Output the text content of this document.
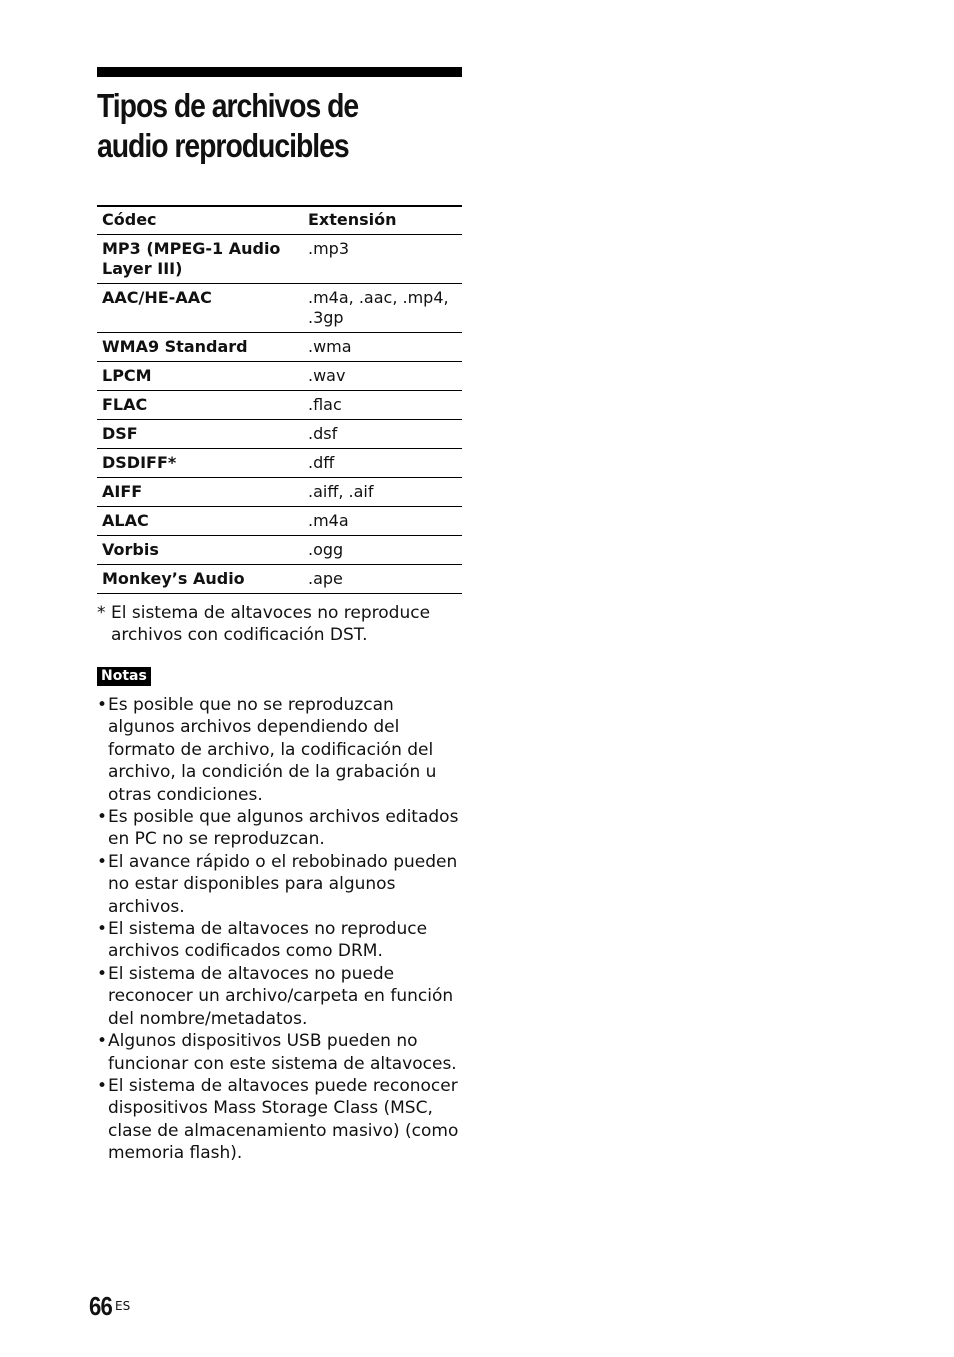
Tipos de archivos de
audio reproducibles
Códec	Extensión
MP3 (MPEG-1 Audio Layer III)	.mp3
AAC/HE-AAC	.m4a, .aac, .mp4, .3gp
WMA9 Standard	.wma
LPCM	.wav
FLAC	.flac
DSF	.dsf
DSDIFF*	.dff
AIFF	.aiff, .aif
ALAC	.m4a
Vorbis	.ogg
Monkey’s Audio	.ape
* El sistema de altavoces no reproduce archivos con codificación DST.
Notas
• Es posible que no se reproduzcan algunos archivos dependiendo del formato de archivo, la codificación del archivo, la condición de la grabación u otras condiciones.
• Es posible que algunos archivos editados en PC no se reproduzcan.
• El avance rápido o el rebobinado pueden no estar disponibles para algunos archivos.
• El sistema de altavoces no reproduce archivos codificados como DRM.
• El sistema de altavoces no puede reconocer un archivo/carpeta en función del nombre/metadatos.
• Algunos dispositivos USB pueden no funcionar con este sistema de altavoces.
• El sistema de altavoces puede reconocer dispositivos Mass Storage Class (MSC, clase de almacenamiento masivo) (como memoria flash).
66 ES
